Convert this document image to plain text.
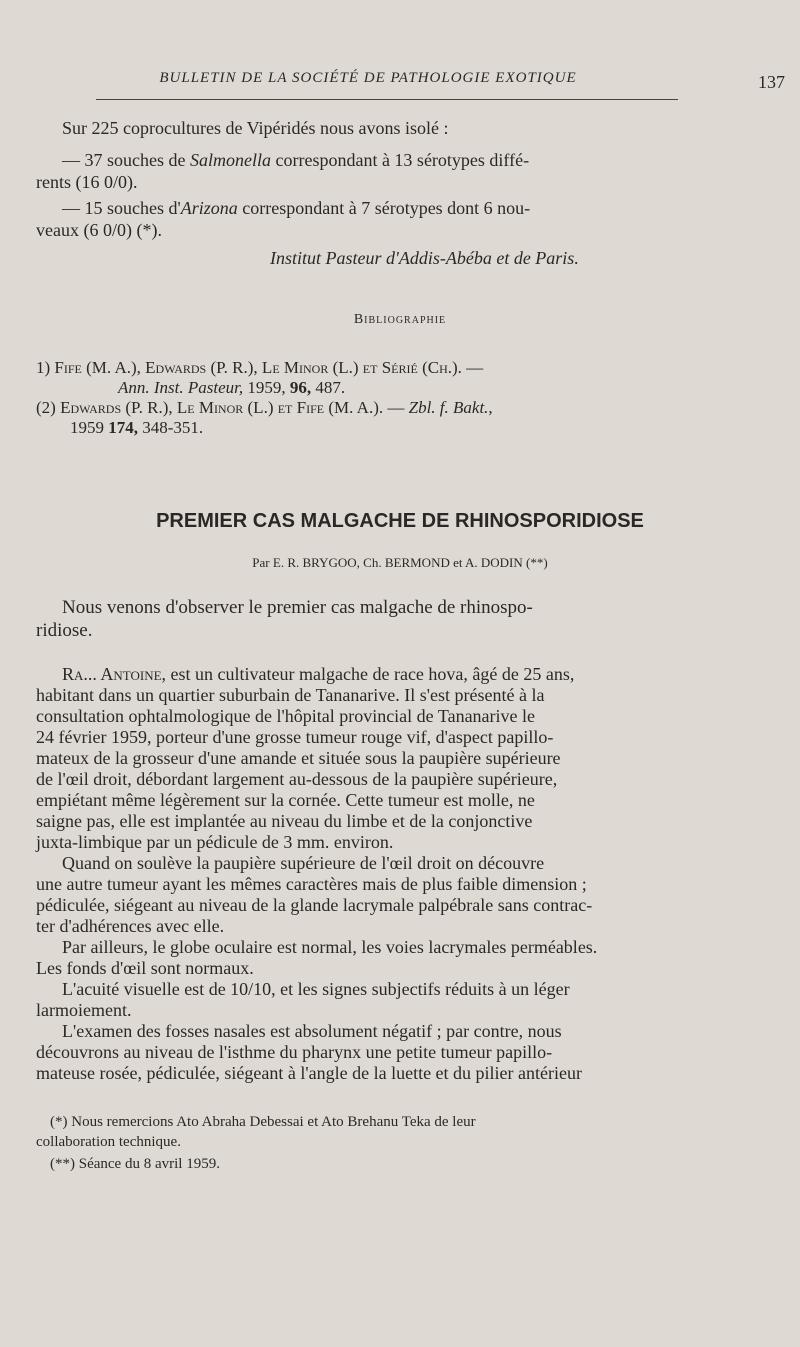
BULLETIN DE LA SOCIÉTÉ DE PATHOLOGIE EXOTIQUE	137
Sur 225 coprocultures de Vipéridés nous avons isolé :
— 37 souches de Salmonella correspondant à 13 sérotypes diffé-
rents (16 0/0).
— 15 souches d'Arizona correspondant à 7 sérotypes dont 6 nou-
veaux (6 0/0) (*).
Institut Pasteur d'Addis-Abéba et de Paris.
Bibliographie
1) Fife (M. A.), Edwards (P. R.), Le Minor (L.) et Sérié (Ch.). —
Ann. Inst. Pasteur, 1959, 96, 487.
(2) Edwards (P. R.), Le Minor (L.) et Fife (M. A.). — Zbl. f. Bakt.,
1959 174, 348-351.
PREMIER CAS MALGACHE DE RHINOSPORIDIOSE
Par E. R. BRYGOO, Ch. BERMOND et A. DODIN (**)
Nous venons d'observer le premier cas malgache de rhinospo-
ridiose.
Ra... Antoine, est un cultivateur malgache de race hova, âgé de 25 ans,
habitant dans un quartier suburbain de Tananarive. Il s'est présenté à la
consultation ophtalmologique de l'hôpital provincial de Tananarive le
24 février 1959, porteur d'une grosse tumeur rouge vif, d'aspect papillo-
mateux de la grosseur d'une amande et située sous la paupière supérieure
de l'œil droit, débordant largement au-dessous de la paupière supérieure,
empiétant même légèrement sur la cornée. Cette tumeur est molle, ne
saigne pas, elle est implantée au niveau du limbe et de la conjonctive
juxta-limbique par un pédicule de 3 mm. environ.
Quand on soulève la paupière supérieure de l'œil droit on découvre
une autre tumeur ayant les mêmes caractères mais de plus faible dimension ;
pédiculée, siégeant au niveau de la glande lacrymale palpébrale sans contrac-
ter d'adhérences avec elle.
Par ailleurs, le globe oculaire est normal, les voies lacrymales perméables.
Les fonds d'œil sont normaux.
L'acuité visuelle est de 10/10, et les signes subjectifs réduits à un léger
larmoiement.
L'examen des fosses nasales est absolument négatif ; par contre, nous
découvrons au niveau de l'isthme du pharynx une petite tumeur papillo-
mateuse rosée, pédiculée, siégeant à l'angle de la luette et du pilier antérieur
(*) Nous remercions Ato Abraha Debessai et Ato Brehanu Teka de leur
collaboration technique.
(**) Séance du 8 avril 1959.
